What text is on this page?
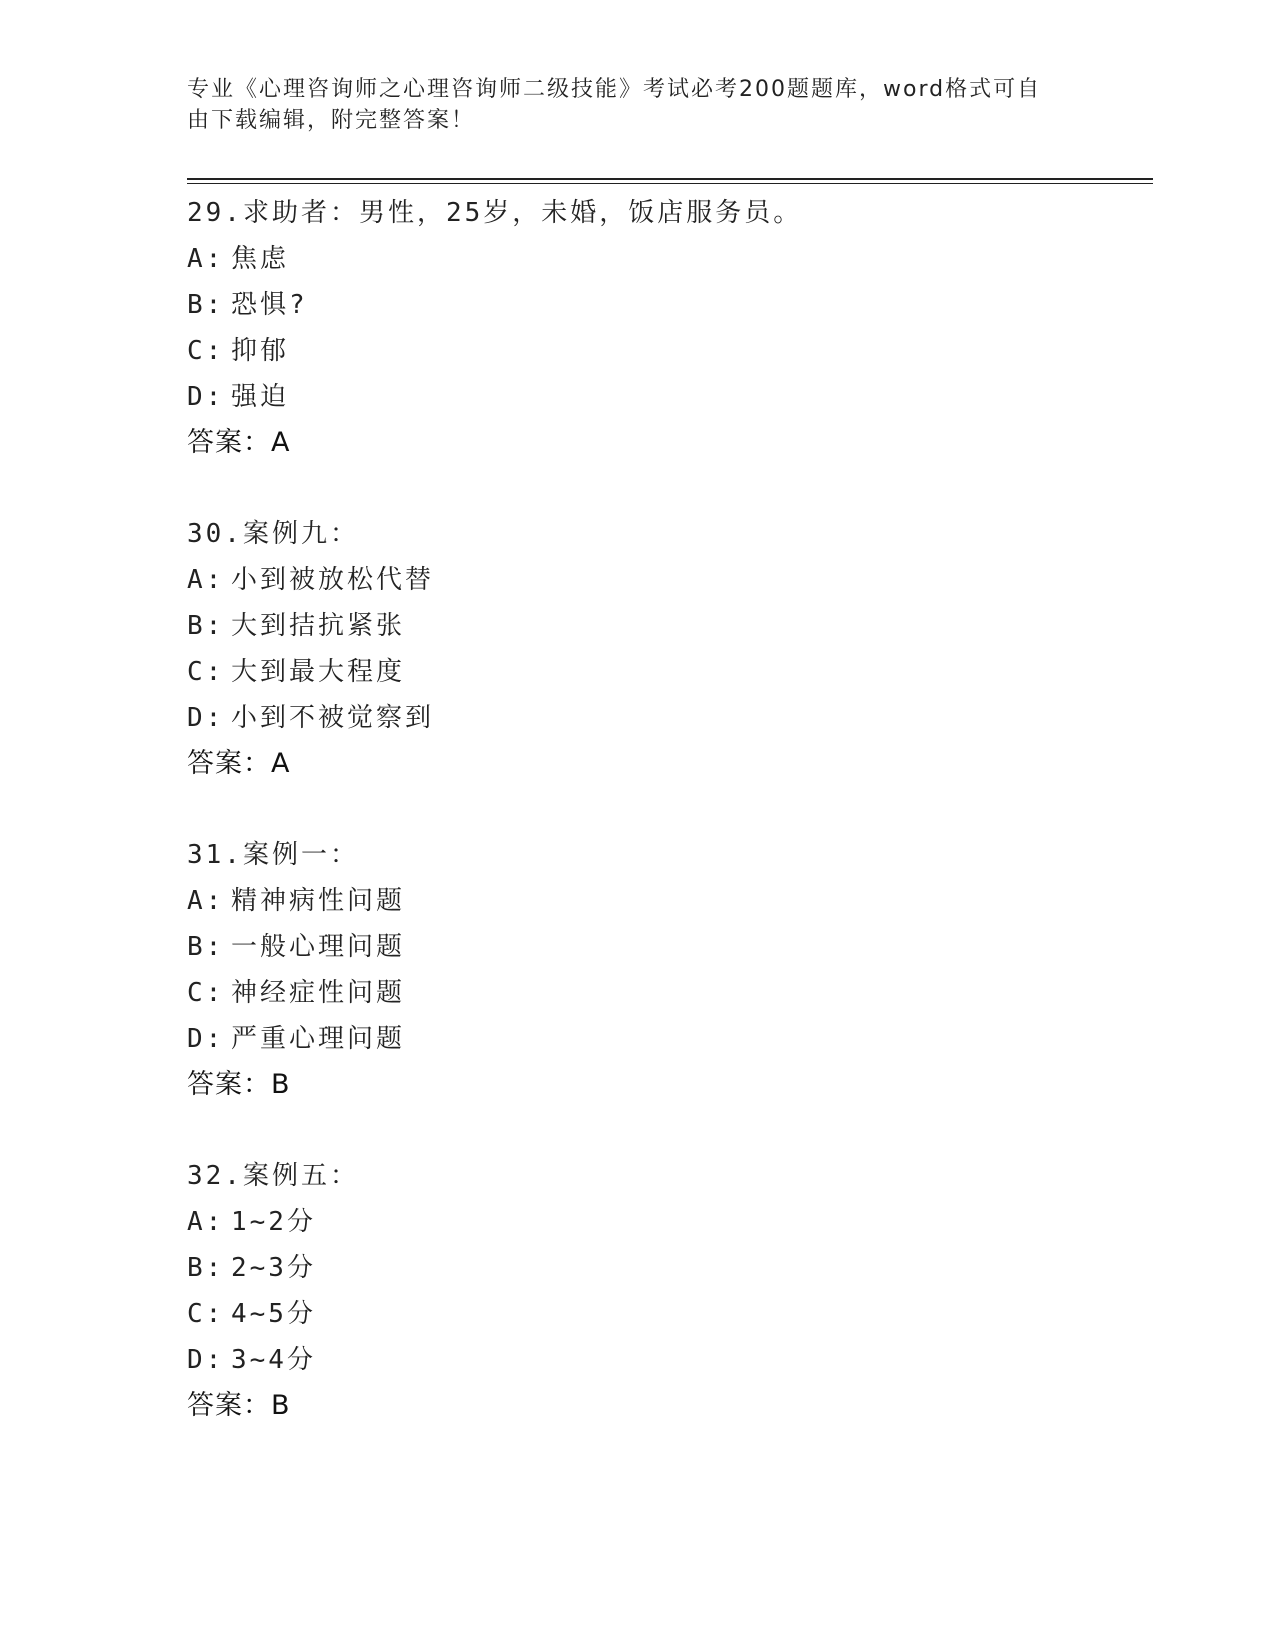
专业《心理咨询师之心理咨询师二级技能》考试必考200题题库，word格式可自
由下载编辑，附完整答案！
29.求助者：男性，25岁，未婚，饭店服务员。
A: 焦虑
B: 恐惧?
C: 抑郁
D: 强迫
答案：A
30.案例九：
A: 小到被放松代替
B: 大到拮抗紧张
C: 大到最大程度
D: 小到不被觉察到
答案：A
31.案例一：
A: 精神病性问题
B: 一般心理问题
C: 神经症性问题
D: 严重心理问题
答案：B
32.案例五：
A: 1~2分
B: 2~3分
C: 4~5分
D: 3~4分
答案：B
